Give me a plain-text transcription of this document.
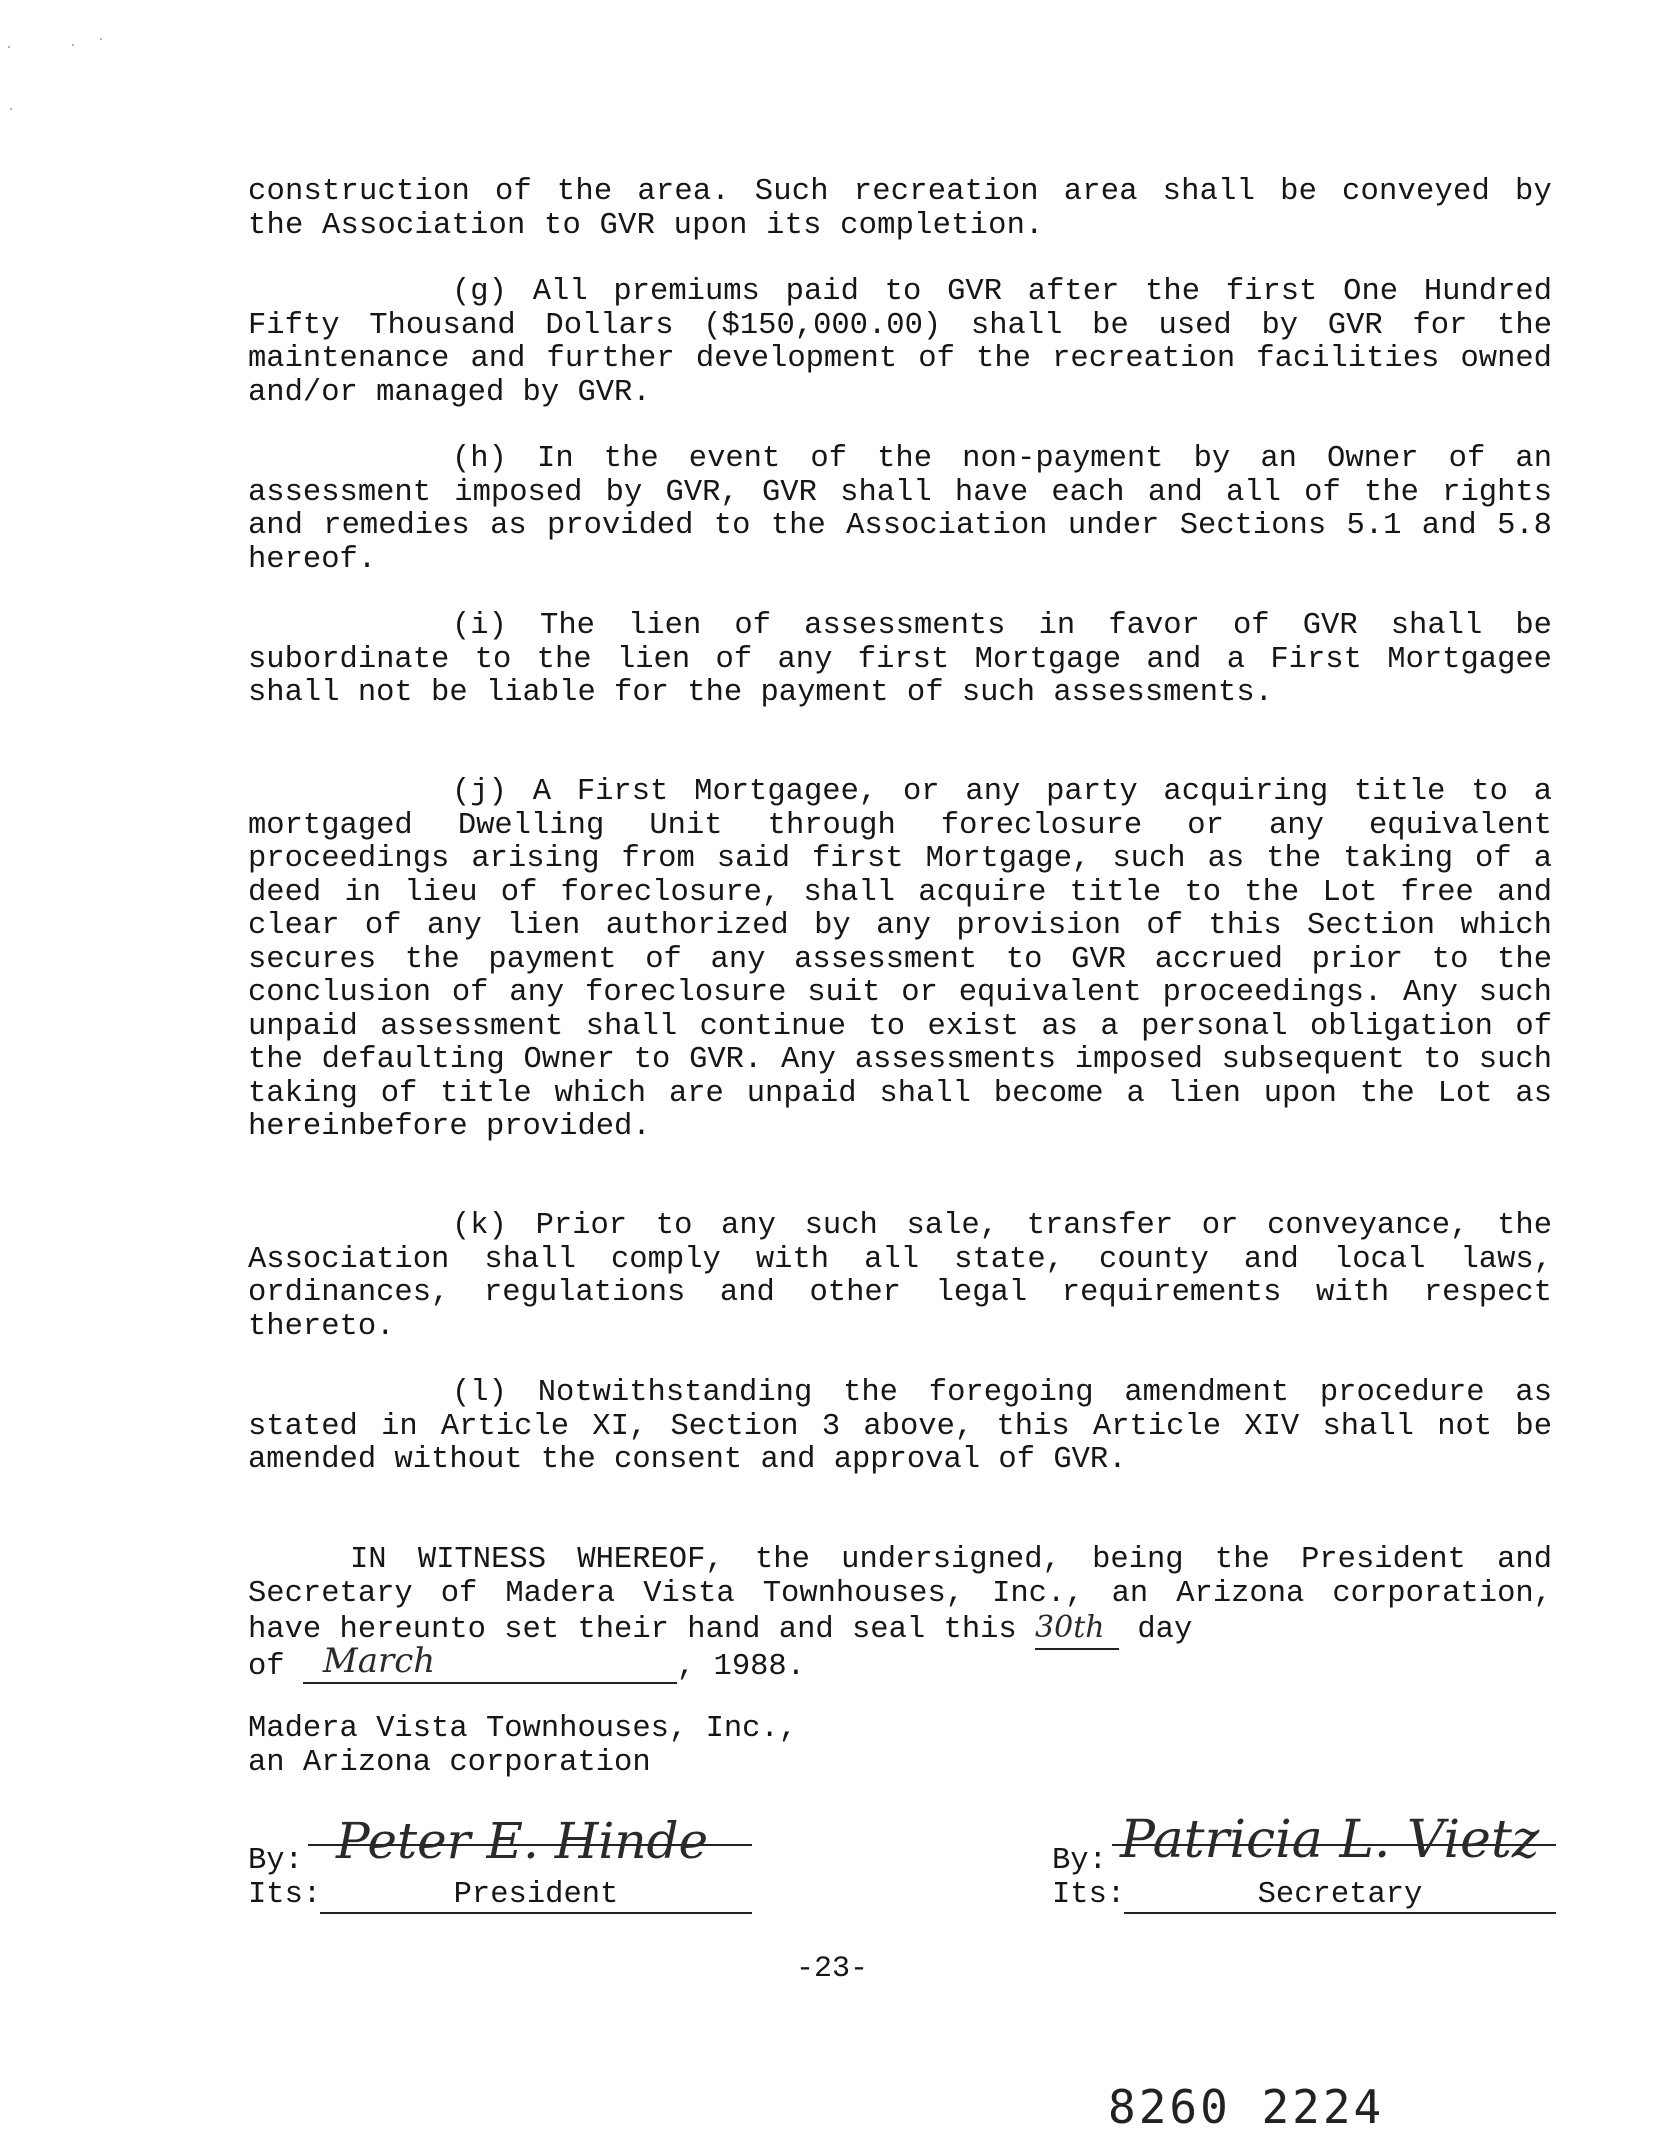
construction of the area. Such recreation area shall be conveyed by the Association to GVR upon its completion.

(g) All premiums paid to GVR after the first One Hundred Fifty Thousand Dollars ($150,000.00) shall be used by GVR for the maintenance and further development of the recreation facilities owned and/or managed by GVR.

(h) In the event of the non-payment by an Owner of an assessment imposed by GVR, GVR shall have each and all of the rights and remedies as provided to the Association under Sections 5.1 and 5.8 hereof.

(i) The lien of assessments in favor of GVR shall be subordinate to the lien of any first Mortgage and a First Mortgagee shall not be liable for the payment of such assessments.

(j) A First Mortgagee, or any party acquiring title to a mortgaged Dwelling Unit through foreclosure or any equivalent proceedings arising from said first Mortgage, such as the taking of a deed in lieu of foreclosure, shall acquire title to the Lot free and clear of any lien authorized by any provision of this Section which secures the payment of any assessment to GVR accrued prior to the conclusion of any foreclosure suit or equivalent proceedings. Any such unpaid assessment shall continue to exist as a personal obligation of the defaulting Owner to GVR. Any assessments imposed subsequent to such taking of title which are unpaid shall become a lien upon the Lot as hereinbefore provided.

(k) Prior to any such sale, transfer or conveyance, the Association shall comply with all state, county and local laws, ordinances, regulations and other legal requirements with respect thereto.

(l) Notwithstanding the foregoing amendment procedure as stated in Article XI, Section 3 above, this Article XIV shall not be amended without the consent and approval of GVR.

IN WITNESS WHEREOF, the undersigned, being the President and Secretary of Madera Vista Townhouses, Inc., an Arizona corporation, have hereunto set their hand and seal this 30th day

of March	, 1988.
Madera Vista Townhouses, Inc.,
an Arizona corporation
By: Peter E. Hinde
Its:	President
By: Patricia L. Vietz
Its:	Secretary
-23-
8260 2224
